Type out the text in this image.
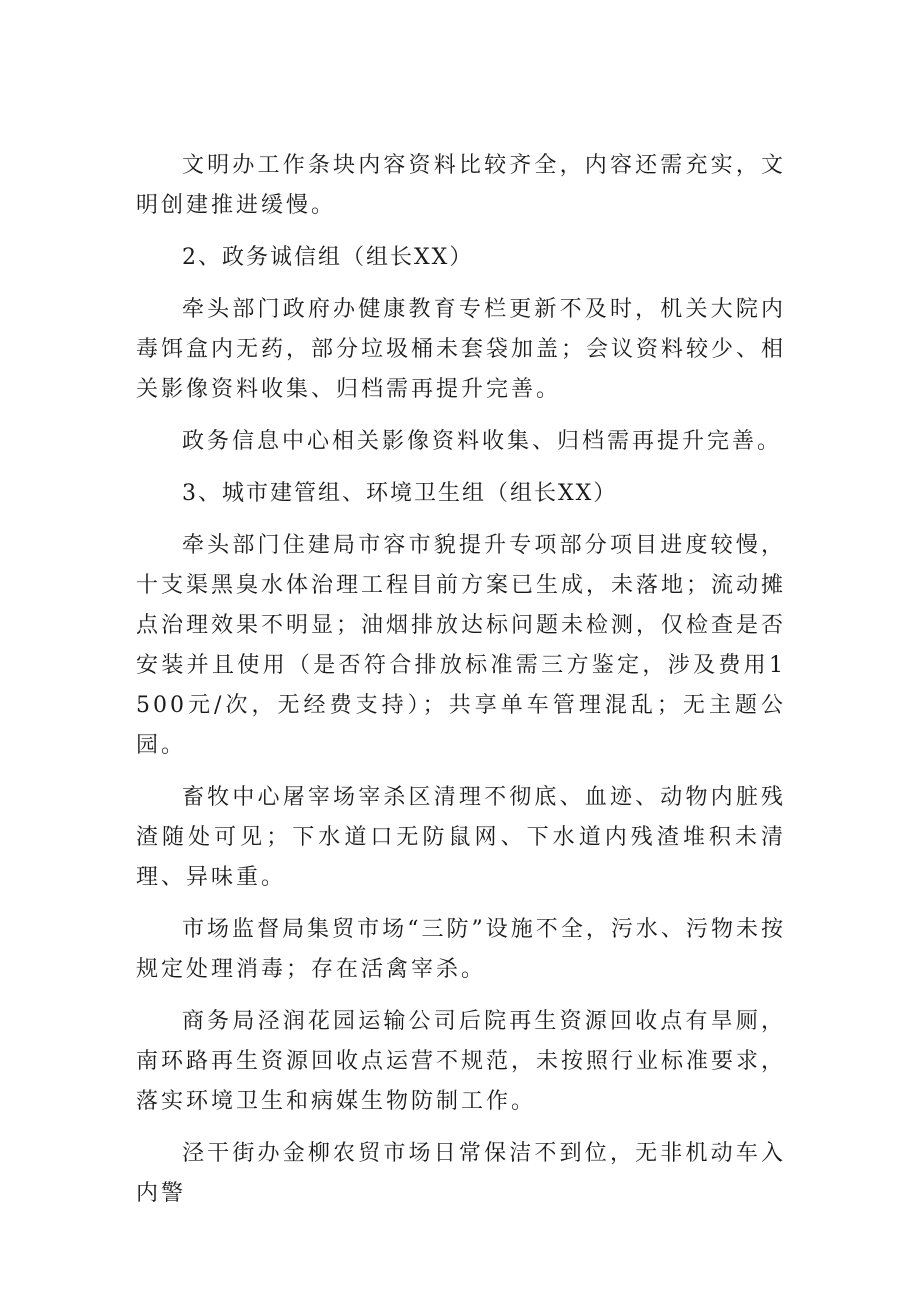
文明办工作条块内容资料比较齐全，内容还需充实，文明创建推进缓慢。

2、政务诚信组（组长XX）

牵头部门政府办健康教育专栏更新不及时，机关大院内毒饵盒内无药，部分垃圾桶未套袋加盖；会议资料较少、相关影像资料收集、归档需再提升完善。

政务信息中心相关影像资料收集、归档需再提升完善。

3、城市建管组、环境卫生组（组长XX）

牵头部门住建局市容市貌提升专项部分项目进度较慢，十支渠黑臭水体治理工程目前方案已生成，未落地；流动摊点治理效果不明显；油烟排放达标问题未检测，仅检查是否安装并且使用（是否符合排放标准需三方鉴定，涉及费用1500元/次，无经费支持）；共享单车管理混乱；无主题公园。

畜牧中心屠宰场宰杀区清理不彻底、血迹、动物内脏残渣随处可见；下水道口无防鼠网、下水道内残渣堆积未清理、异味重。

市场监督局集贸市场“三防”设施不全，污水、污物未按规定处理消毒；存在活禽宰杀。

商务局泾润花园运输公司后院再生资源回收点有旱厕，南环路再生资源回收点运营不规范，未按照行业标准要求，落实环境卫生和病媒生物防制工作。

泾干街办金柳农贸市场日常保洁不到位，无非机动车入内警
